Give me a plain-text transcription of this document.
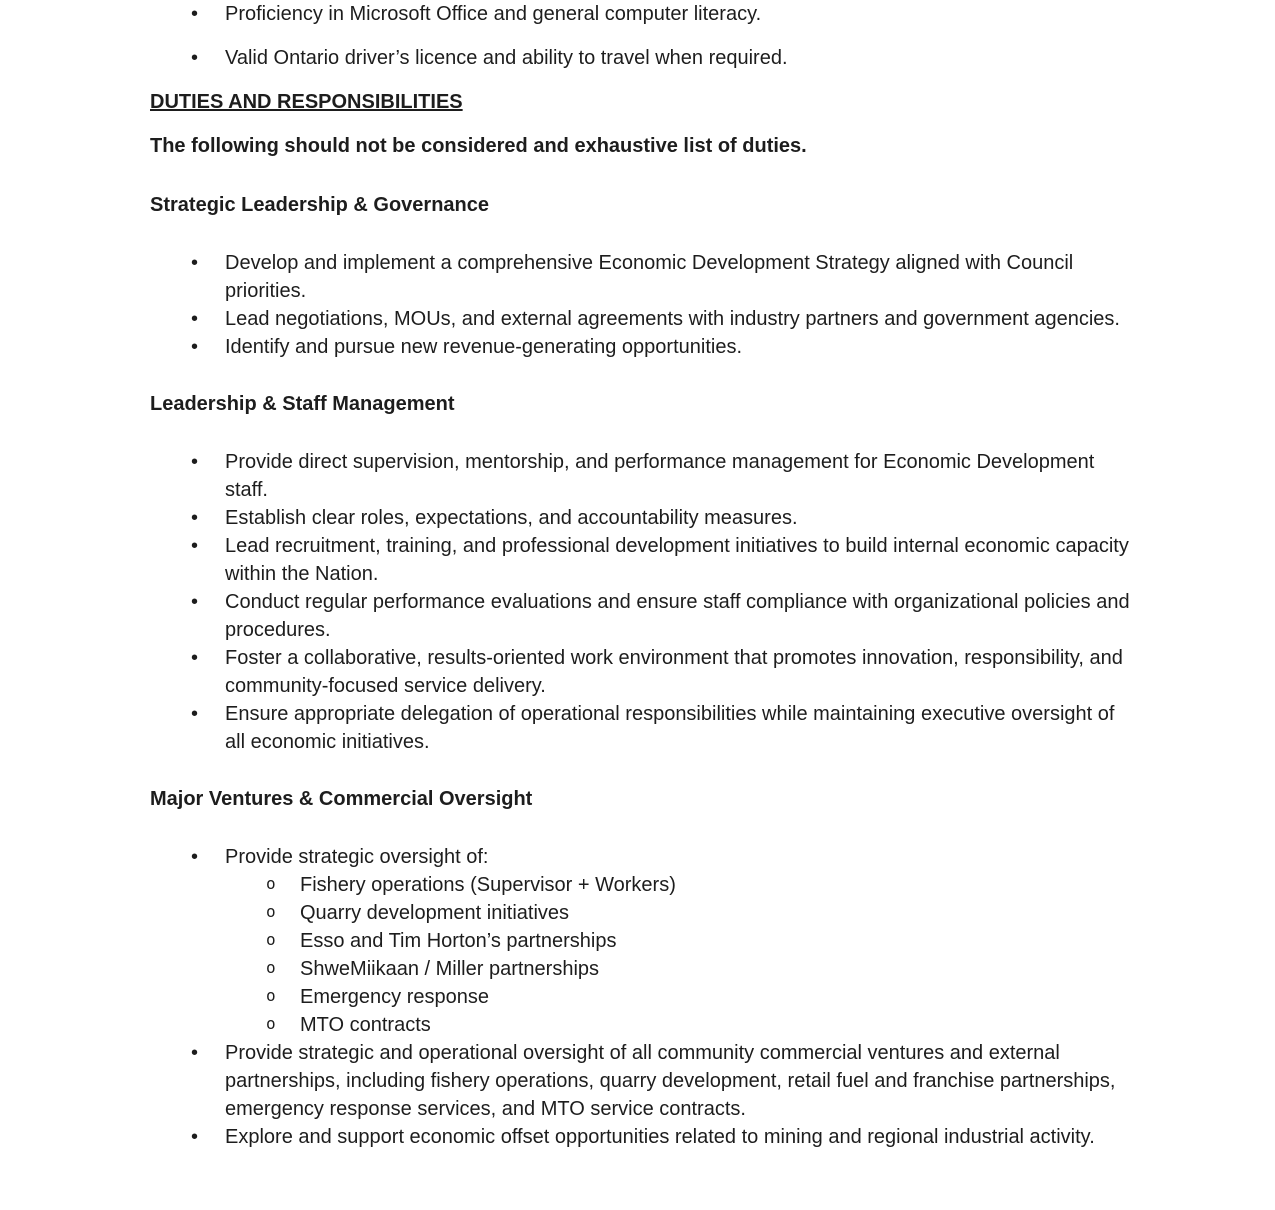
• Proficiency in Microsoft Office and general computer literacy.
• Valid Ontario driver’s licence and ability to travel when required.
DUTIES AND RESPONSIBILITIES

The following should not be considered and exhaustive list of duties.

Strategic Leadership & Governance
• Develop and implement a comprehensive Economic Development Strategy aligned with Council priorities.
• Lead negotiations, MOUs, and external agreements with industry partners and government agencies.
• Identify and pursue new revenue-generating opportunities.
Leadership & Staff Management
• Provide direct supervision, mentorship, and performance management for Economic Development staff.
• Establish clear roles, expectations, and accountability measures.
• Lead recruitment, training, and professional development initiatives to build internal economic capacity within the Nation.
• Conduct regular performance evaluations and ensure staff compliance with organizational policies and procedures.
• Foster a collaborative, results-oriented work environment that promotes innovation, responsibility, and community-focused service delivery.
• Ensure appropriate delegation of operational responsibilities while maintaining executive oversight of all economic initiatives.
Major Ventures & Commercial Oversight
• Provide strategic oversight of:
o Fishery operations (Supervisor + Workers)
o Quarry development initiatives
o Esso and Tim Horton’s partnerships
o ShweMiikaan / Miller partnerships
o Emergency response
o MTO contracts
• Provide strategic and operational oversight of all community commercial ventures and external partnerships, including fishery operations, quarry development, retail fuel and franchise partnerships, emergency response services, and MTO service contracts.
• Explore and support economic offset opportunities related to mining and regional industrial activity.
